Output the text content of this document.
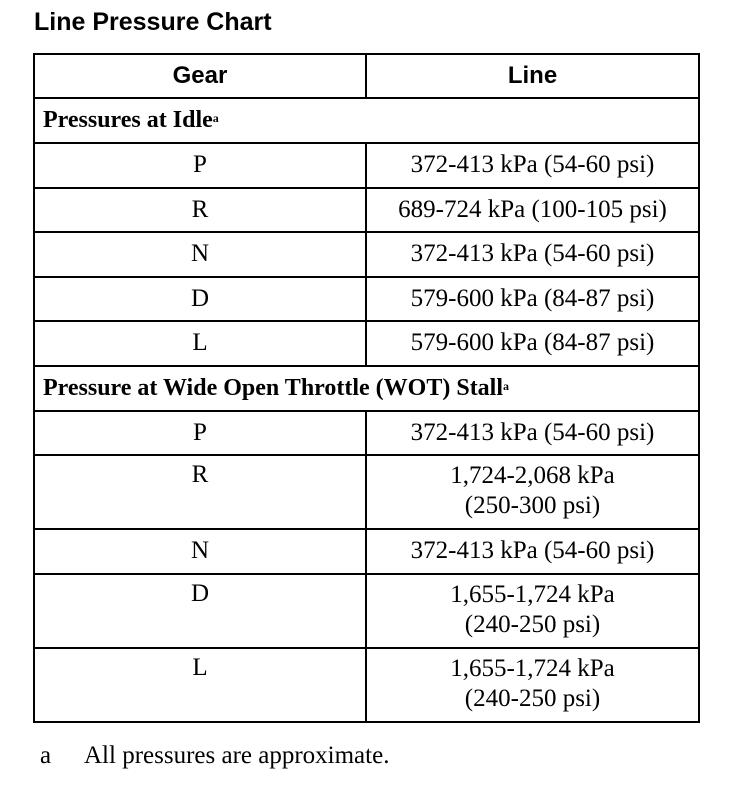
Line Pressure Chart
Gear	Line
Pressures at Idle$^a$
P	372-413 kPa (54-60 psi)
R	689-724 kPa (100-105 psi)
N	372-413 kPa (54-60 psi)
D	579-600 kPa (84-87 psi)
L	579-600 kPa (84-87 psi)
Pressure at Wide Open Throttle (WOT) Stall$^a$
P	372-413 kPa (54-60 psi)
R	1,724-2,068 kPa
(250-300 psi)

N	372-413 kPa (54-60 psi)
D	1,655-1,724 kPa
(240-250 psi)

L	1,655-1,724 kPa
(240-250 psi)
a	All pressures are approximate.
